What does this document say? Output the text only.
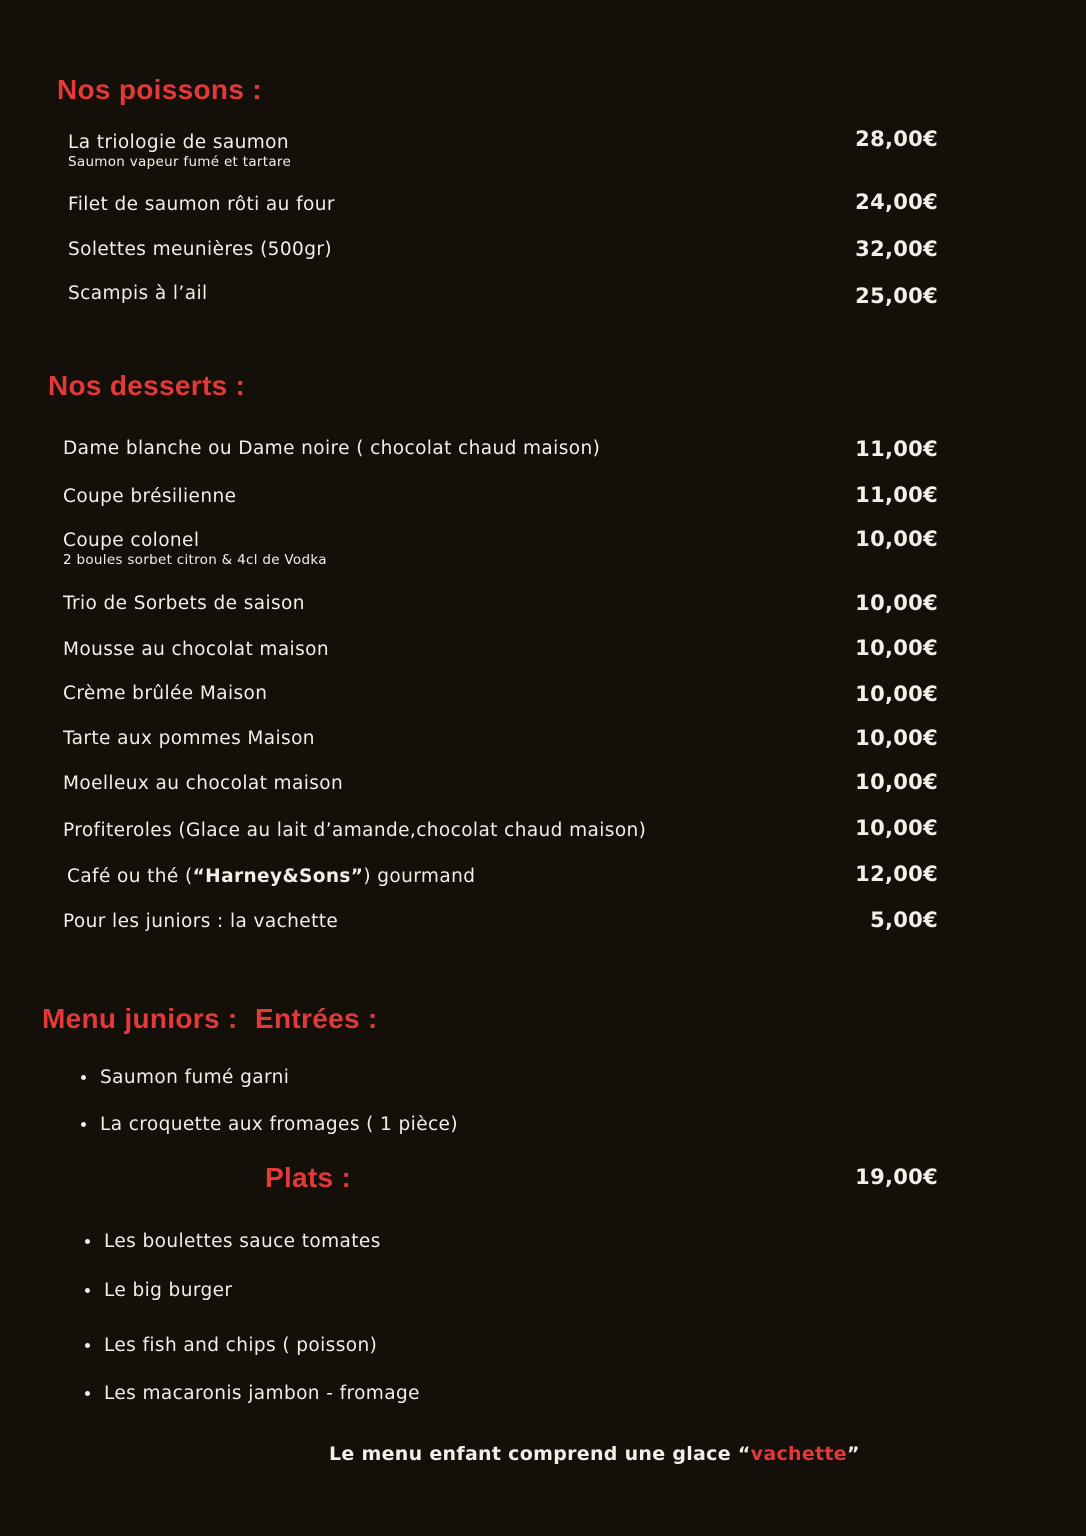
Nos poissons :
La triologie de saumon
Saumon vapeur fumé et tartare
28,00€
Filet de saumon rôti au four	24,00€
Solettes meunières (500gr)	32,00€
Scampis à l’ail	25,00€
Nos desserts :
Dame blanche ou Dame noire ( chocolat chaud maison)	11,00€
Coupe brésilienne	11,00€
Coupe colonel
2 boules sorbet citron & 4cl de Vodka
10,00€
Trio de Sorbets de saison	10,00€
Mousse au chocolat maison	10,00€
Crème brûlée Maison	10,00€
Tarte aux pommes Maison	10,00€
Moelleux au chocolat maison	10,00€
Profiteroles (Glace au lait d’amande,chocolat chaud maison)	10,00€
Café ou thé (“Harney&Sons”) gourmand	12,00€
Pour les juniors : la vachette	5,00€
Menu juniors : Entrées :
Saumon fumé garni
La croquette aux fromages ( 1 pièce)
Plats :	19,00€
Les boulettes sauce tomates
Le big burger
Les fish and chips ( poisson)
Les macaronis jambon - fromage
Le menu enfant comprend une glace “vachette”
